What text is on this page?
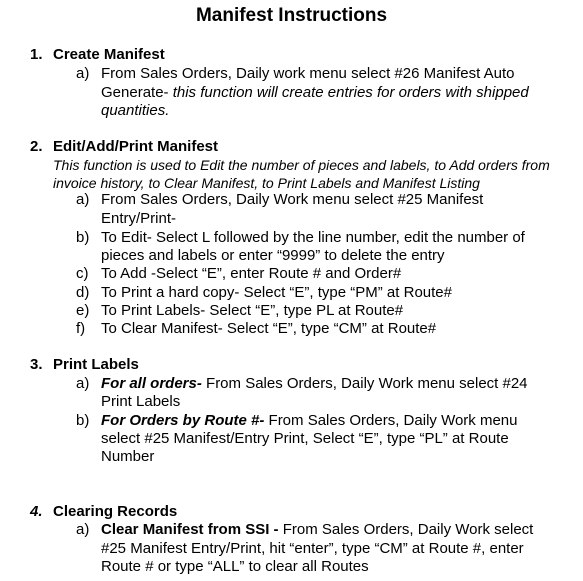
Manifest Instructions
1. Create Manifest
a) From Sales Orders, Daily work menu select #26 Manifest Auto
Generate- this function will create entries for orders with shipped
quantities.
2. Edit/Add/Print Manifest
This function is used to Edit the number of pieces and labels, to Add orders from
invoice history, to Clear Manifest, to Print Labels and Manifest Listing
a) From Sales Orders, Daily Work menu select #25 Manifest
Entry/Print-
b) To Edit- Select L followed by the line number, edit the number of
pieces and labels or enter “9999” to delete the entry
c) To Add -Select “E”, enter Route # and Order#
d) To Print a hard copy- Select “E”, type “PM” at Route#
e) To Print Labels- Select “E”, type PL at Route#
f) To Clear Manifest- Select “E”, type “CM” at Route#
3. Print Labels
a) For all orders- From Sales Orders, Daily Work menu select #24
Print Labels
b) For Orders by Route #- From Sales Orders, Daily Work menu
select #25 Manifest/Entry Print, Select “E”, type “PL” at Route
Number
4. Clearing Records
a) Clear Manifest from SSI - From Sales Orders, Daily Work select
#25 Manifest Entry/Print, hit “enter”, type “CM” at Route #, enter
Route # or type “ALL” to clear all Routes
